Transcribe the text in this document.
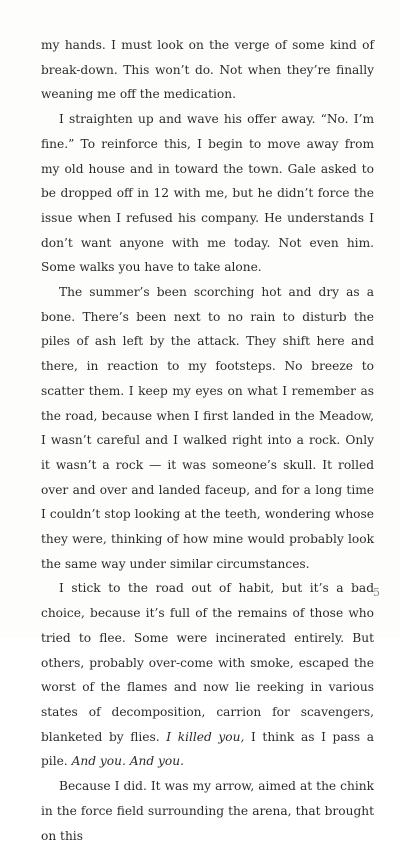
my hands. I must look on the verge of some kind of break-down. This won’t do. Not when they’re finally weaning me off the medication.

I straighten up and wave his offer away. “No. I’m fine.” To reinforce this, I begin to move away from my old house and in toward the town. Gale asked to be dropped off in 12 with me, but he didn’t force the issue when I refused his company. He understands I don’t want anyone with me today. Not even him. Some walks you have to take alone.

The summer’s been scorching hot and dry as a bone. There’s been next to no rain to disturb the piles of ash left by the attack. They shift here and there, in reaction to my footsteps. No breeze to scatter them. I keep my eyes on what I remember as the road, because when I first landed in the Meadow, I wasn’t careful and I walked right into a rock. Only it wasn’t a rock — it was someone’s skull. It rolled over and over and landed faceup, and for a long time I couldn’t stop looking at the teeth, wondering whose they were, thinking of how mine would probably look the same way under similar circumstances.

I stick to the road out of habit, but it’s a bad choice, because it’s full of the remains of those who tried to flee. Some were incinerated entirely. But others, probably over-come with smoke, escaped the worst of the flames and now lie reeking in various states of decomposition, carrion for scavengers, blanketed by flies. I killed you, I think as I pass a pile. And you. And you.

Because I did. It was my arrow, aimed at the chink in the force field surrounding the arena, that brought on this

5
